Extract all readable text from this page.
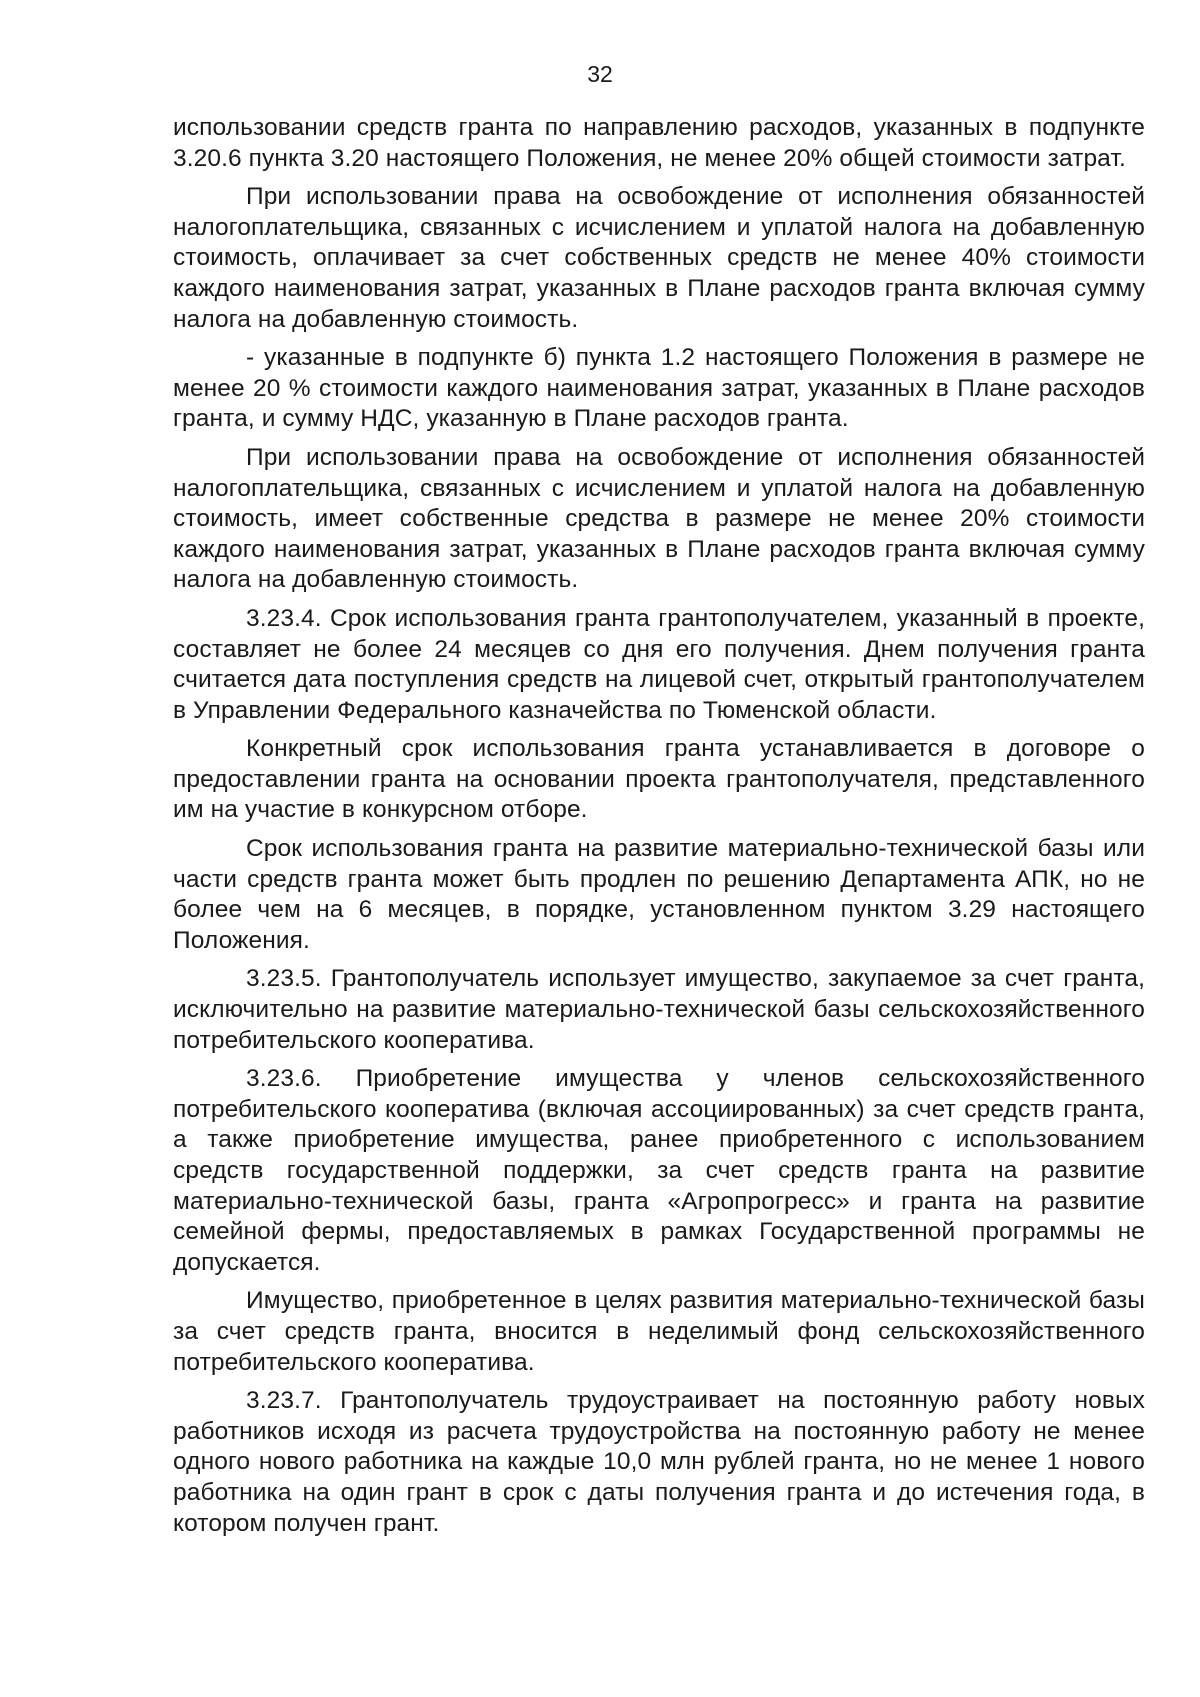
32

использовании средств гранта по направлению расходов, указанных в подпункте 3.20.6 пункта 3.20 настоящего Положения, не менее 20% общей стоимости затрат.

При использовании права на освобождение от исполнения обязанностей налогоплательщика, связанных с исчислением и уплатой налога на добавленную стоимость, оплачивает за счет собственных средств не менее 40% стоимости каждого наименования затрат, указанных в Плане расходов гранта включая сумму налога на добавленную стоимость.

- указанные в подпункте б) пункта 1.2 настоящего Положения в размере не менее 20 % стоимости каждого наименования затрат, указанных в Плане расходов гранта, и сумму НДС, указанную в Плане расходов гранта.

При использовании права на освобождение от исполнения обязанностей налогоплательщика, связанных с исчислением и уплатой налога на добавленную стоимость, имеет собственные средства в размере не менее 20% стоимости каждого наименования затрат, указанных в Плане расходов гранта включая сумму налога на добавленную стоимость.

3.23.4. Срок использования гранта грантополучателем, указанный в проекте, составляет не более 24 месяцев со дня его получения. Днем получения гранта считается дата поступления средств на лицевой счет, открытый грантополучателем в Управлении Федерального казначейства по Тюменской области.

Конкретный срок использования гранта устанавливается в договоре о предоставлении гранта на основании проекта грантополучателя, представленного им на участие в конкурсном отборе.

Срок использования гранта на развитие материально-технической базы или части средств гранта может быть продлен по решению Департамента АПК, но не более чем на 6 месяцев, в порядке, установленном пунктом 3.29 настоящего Положения.

3.23.5. Грантополучатель использует имущество, закупаемое за счет гранта, исключительно на развитие материально-технической базы сельскохозяйственного потребительского кооператива.

3.23.6. Приобретение имущества у членов сельскохозяйственного потребительского кооператива (включая ассоциированных) за счет средств гранта, а также приобретение имущества, ранее приобретенного с использованием средств государственной поддержки, за счет средств гранта на развитие материально-технической базы, гранта «Агропрогресс» и гранта на развитие семейной фермы, предоставляемых в рамках Государственной программы не допускается.

Имущество, приобретенное в целях развития материально-технической базы за счет средств гранта, вносится в неделимый фонд сельскохозяйственного потребительского кооператива.

3.23.7. Грантополучатель трудоустраивает на постоянную работу новых работников исходя из расчета трудоустройства на постоянную работу не менее одного нового работника на каждые 10,0 млн рублей гранта, но не менее 1 нового работника на один грант в срок с даты получения гранта и до истечения года, в котором получен грант.
